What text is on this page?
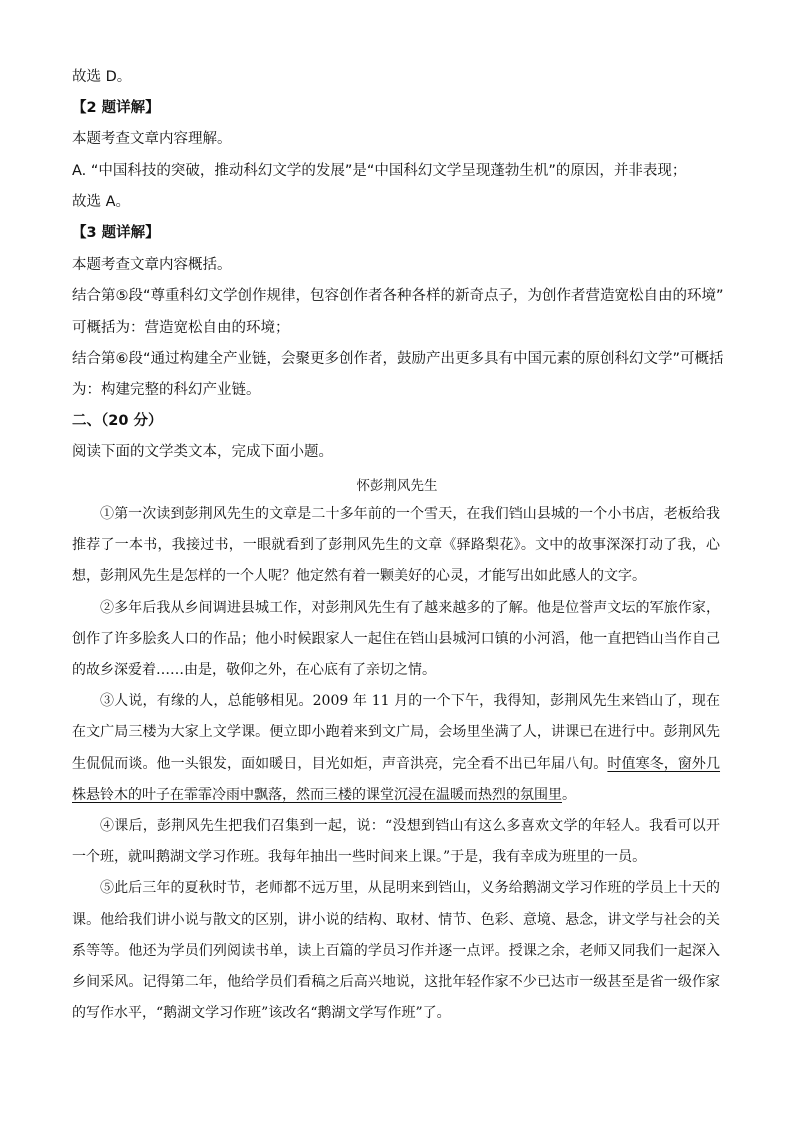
故选 D。
【2 题详解】
本题考查文章内容理解。
A. “中国科技的突破，推动科幻文学的发展”是“中国科幻文学呈现蓬勃生机”的原因，并非表现；
故选 A。
【3 题详解】
本题考查文章内容概括。
结合第⑤段“尊重科幻文学创作规律，包容创作者各种各样的新奇点子，为创作者营造宽松自由的环境”
可概括为：营造宽松自由的环境；
结合第⑥段“通过构建全产业链，会聚更多创作者，鼓励产出更多具有中国元素的原创科幻文学”可概括
为：构建完整的科幻产业链。
二、（20 分）
阅读下面的文学类文本，完成下面小题。
怀彭荆风先生

①第一次读到彭荆风先生的文章是二十多年前的一个雪天，在我们铛山县城的一个小书店，老板给我推荐了一本书，我接过书，一眼就看到了彭荆风先生的文章《驿路梨花》。文中的故事深深打动了我，心想，彭荆风先生是怎样的一个人呢？他定然有着一颗美好的心灵，才能写出如此感人的文字。

②多年后我从乡间调进县城工作，对彭荆风先生有了越来越多的了解。他是位誉声文坛的军旅作家，创作了许多脍炙人口的作品；他小时候跟家人一起住在铛山县城河口镇的小河滔，他一直把铛山当作自己的故乡深爱着……由是，敬仰之外，在心底有了亲切之情。

③人说，有缘的人，总能够相见。2009 年 11 月的一个下午，我得知，彭荆风先生来铛山了，现在在文广局三楼为大家上文学课。便立即小跑着来到文广局，会场里坐满了人，讲课已在进行中。彭荆风先生侃侃而谈。他一头银发，面如暖日，目光如炬，声音洪亮，完全看不出已年届八旬。时值寒冬，窗外几株悬铃木的叶子在霏霏冷雨中飘落，然而三楼的课堂沉浸在温暖而热烈的氛围里。

④课后，彭荆风先生把我们召集到一起，说：“没想到铛山有这么多喜欢文学的年轻人。我看可以开一个班，就叫鹅湖文学习作班。我每年抽出一些时间来上课。”于是，我有幸成为班里的一员。

⑤此后三年的夏秋时节，老师都不远万里，从昆明来到铛山，义务给鹅湖文学习作班的学员上十天的课。他给我们讲小说与散文的区别，讲小说的结构、取材、情节、色彩、意境、悬念，讲文学与社会的关系等等。他还为学员们列阅读书单，读上百篇的学员习作并逐一点评。授课之余，老师又同我们一起深入乡间采风。记得第二年，他给学员们看稿之后高兴地说，这批年轻作家不少已达市一级甚至是省一级作家的写作水平，“鹅湖文学习作班”该改名“鹅湖文学写作班”了。
